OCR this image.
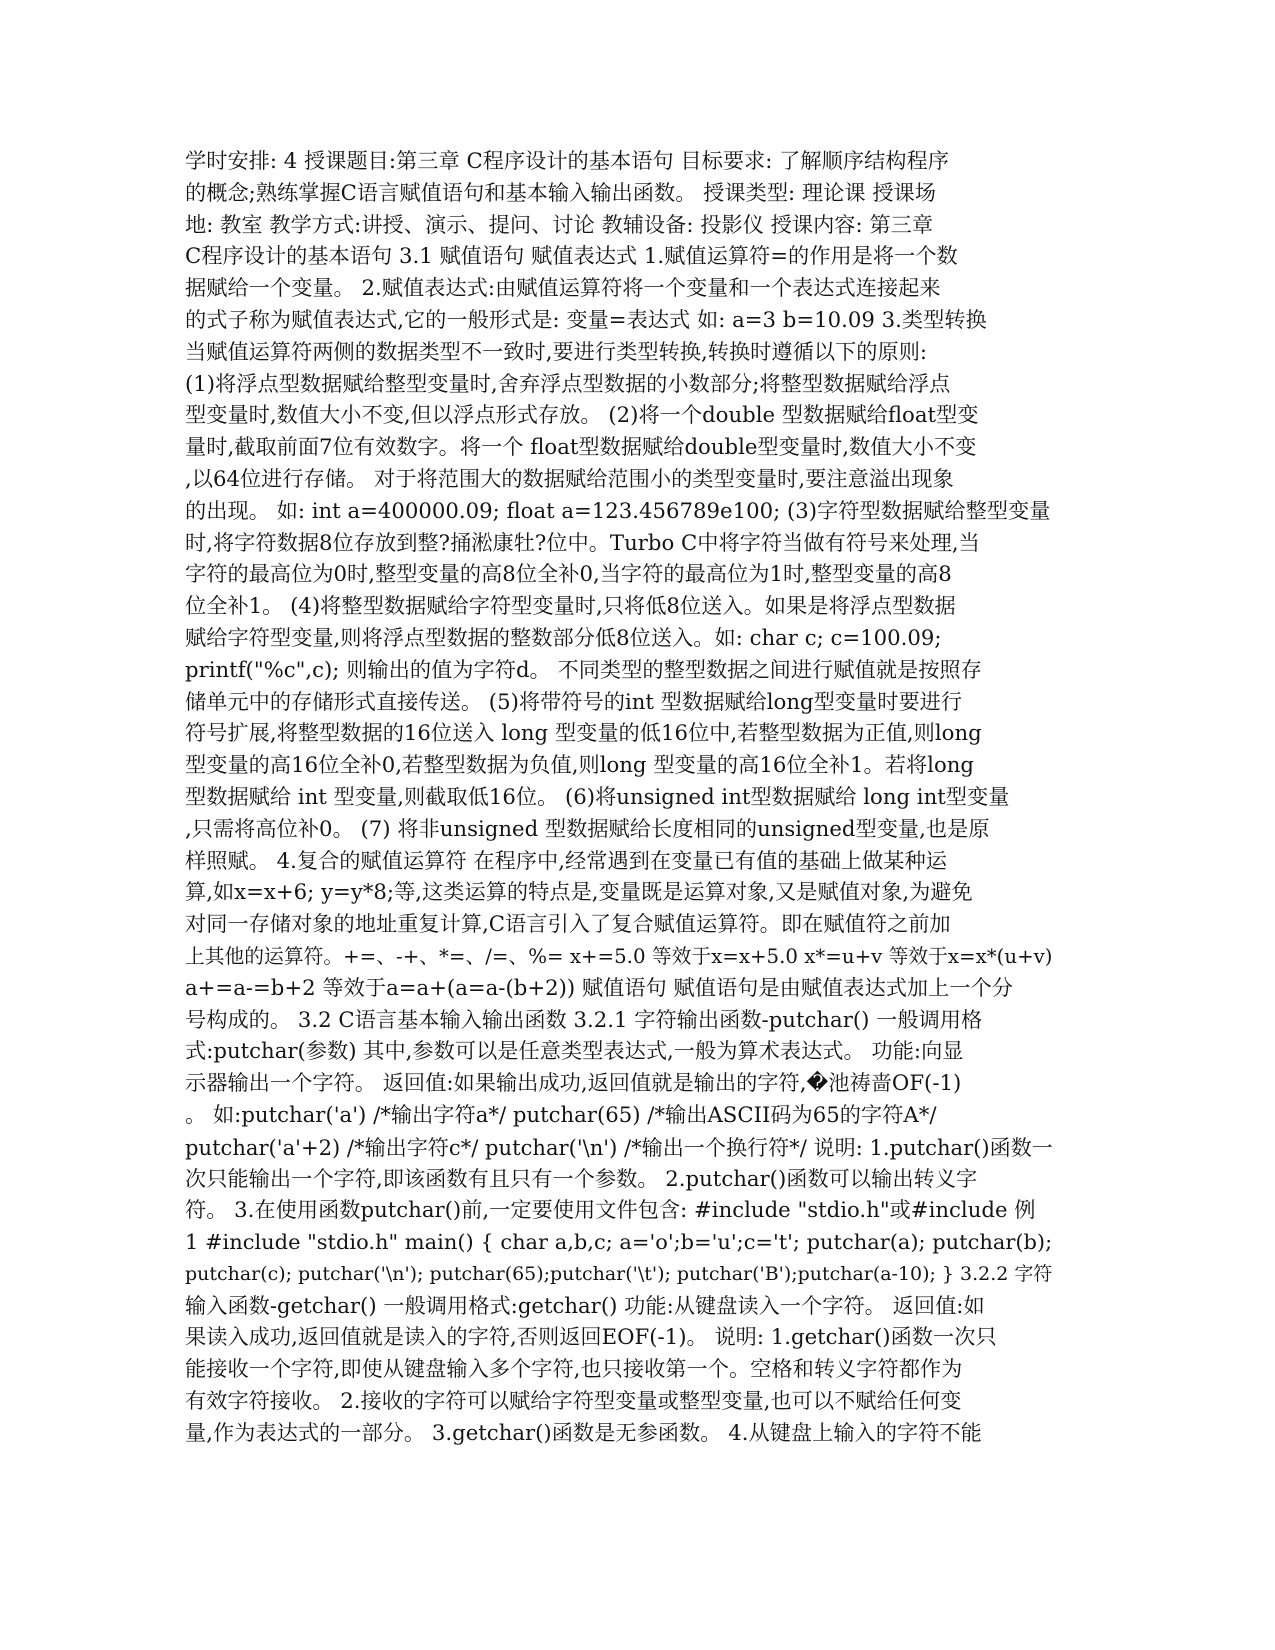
学时安排: 4 授课题目:第三章 C程序设计的基本语句 目标要求: 了解顺序结构程序
的概念;熟练掌握C语言赋值语句和基本输入输出函数。 授课类型: 理论课 授课场
地: 教室 教学方式:讲授、演示、提问、讨论 教辅设备: 投影仪 授课内容: 第三章
C程序设计的基本语句 3.1 赋值语句 赋值表达式 1.赋值运算符=的作用是将一个数
据赋给一个变量。 2.赋值表达式:由赋值运算符将一个变量和一个表达式连接起来
的式子称为赋值表达式,它的一般形式是: 变量=表达式 如: a=3 b=10.09 3.类型转换
当赋值运算符两侧的数据类型不一致时,要进行类型转换,转换时遵循以下的原则:
(1)将浮点型数据赋给整型变量时,舍弃浮点型数据的小数部分;将整型数据赋给浮点
型变量时,数值大小不变,但以浮点形式存放。 (2)将一个double 型数据赋给float型变
量时,截取前面7位有效数字。将一个 float型数据赋给double型变量时,数值大小不变
,以64位进行存储。 对于将范围大的数据赋给范围小的类型变量时,要注意溢出现象
的出现。 如: int a=400000.09; float a=123.456789e100; (3)字符型数据赋给整型变量
时,将字符数据8位存放到整?捅淞康牡?位中。Turbo C中将字符当做有符号来处理,当
字符的最高位为0时,整型变量的高8位全补0,当字符的最高位为1时,整型变量的高8
位全补1。 (4)将整型数据赋给字符型变量时,只将低8位送入。如果是将浮点型数据
赋给字符型变量,则将浮点型数据的整数部分低8位送入。如: char c; c=100.09;
printf("%c",c); 则输出的值为字符d。 不同类型的整型数据之间进行赋值就是按照存
储单元中的存储形式直接传送。 (5)将带符号的int 型数据赋给long型变量时要进行
符号扩展,将整型数据的16位送入 long 型变量的低16位中,若整型数据为正值,则long
型变量的高16位全补0,若整型数据为负值,则long 型变量的高16位全补1。若将long
型数据赋给 int 型变量,则截取低16位。 (6)将unsigned int型数据赋给 long int型变量
,只需将高位补0。 (7) 将非unsigned 型数据赋给长度相同的unsigned型变量,也是原
样照赋。 4.复合的赋值运算符 在程序中,经常遇到在变量已有值的基础上做某种运
算,如x=x+6; y=y*8;等,这类运算的特点是,变量既是运算对象,又是赋值对象,为避免
对同一存储对象的地址重复计算,C语言引入了复合赋值运算符。即在赋值符之前加
上其他的运算符。+=、-+、*=、/=、%= x+=5.0 等效于x=x+5.0 x*=u+v 等效于x=x*(u+v)
a+=a-=b+2 等效于a=a+(a=a-(b+2)) 赋值语句 赋值语句是由赋值表达式加上一个分
号构成的。 3.2 C语言基本输入输出函数 3.2.1 字符输出函数-putchar() 一般调用格
式:putchar(参数) 其中,参数可以是任意类型表达式,一般为算术表达式。 功能:向显
示器输出一个字符。 返回值:如果输出成功,返回值就是输出的字符,�池祷啬OF(-1)
。 如:putchar('a') /*输出字符a*/ putchar(65) /*输出ASCII码为65的字符A*/
putchar('a'+2) /*输出字符c*/ putchar('\n') /*输出一个换行符*/ 说明: 1.putchar()函数一
次只能输出一个字符,即该函数有且只有一个参数。 2.putchar()函数可以输出转义字
符。 3.在使用函数putchar()前,一定要使用文件包含: #include "stdio.h"或#include 例
1 #include "stdio.h" main() { char a,b,c; a='o';b='u';c='t'; putchar(a); putchar(b);
putchar(c); putchar('\n'); putchar(65);putchar('\t'); putchar('B');putchar(a-10); } 3.2.2 字符
输入函数-getchar() 一般调用格式:getchar() 功能:从键盘读入一个字符。 返回值:如
果读入成功,返回值就是读入的字符,否则返回EOF(-1)。 说明: 1.getchar()函数一次只
能接收一个字符,即使从键盘输入多个字符,也只接收第一个。空格和转义字符都作为
有效字符接收。 2.接收的字符可以赋给字符型变量或整型变量,也可以不赋给任何变
量,作为表达式的一部分。 3.getchar()函数是无参函数。 4.从键盘上输入的字符不能
